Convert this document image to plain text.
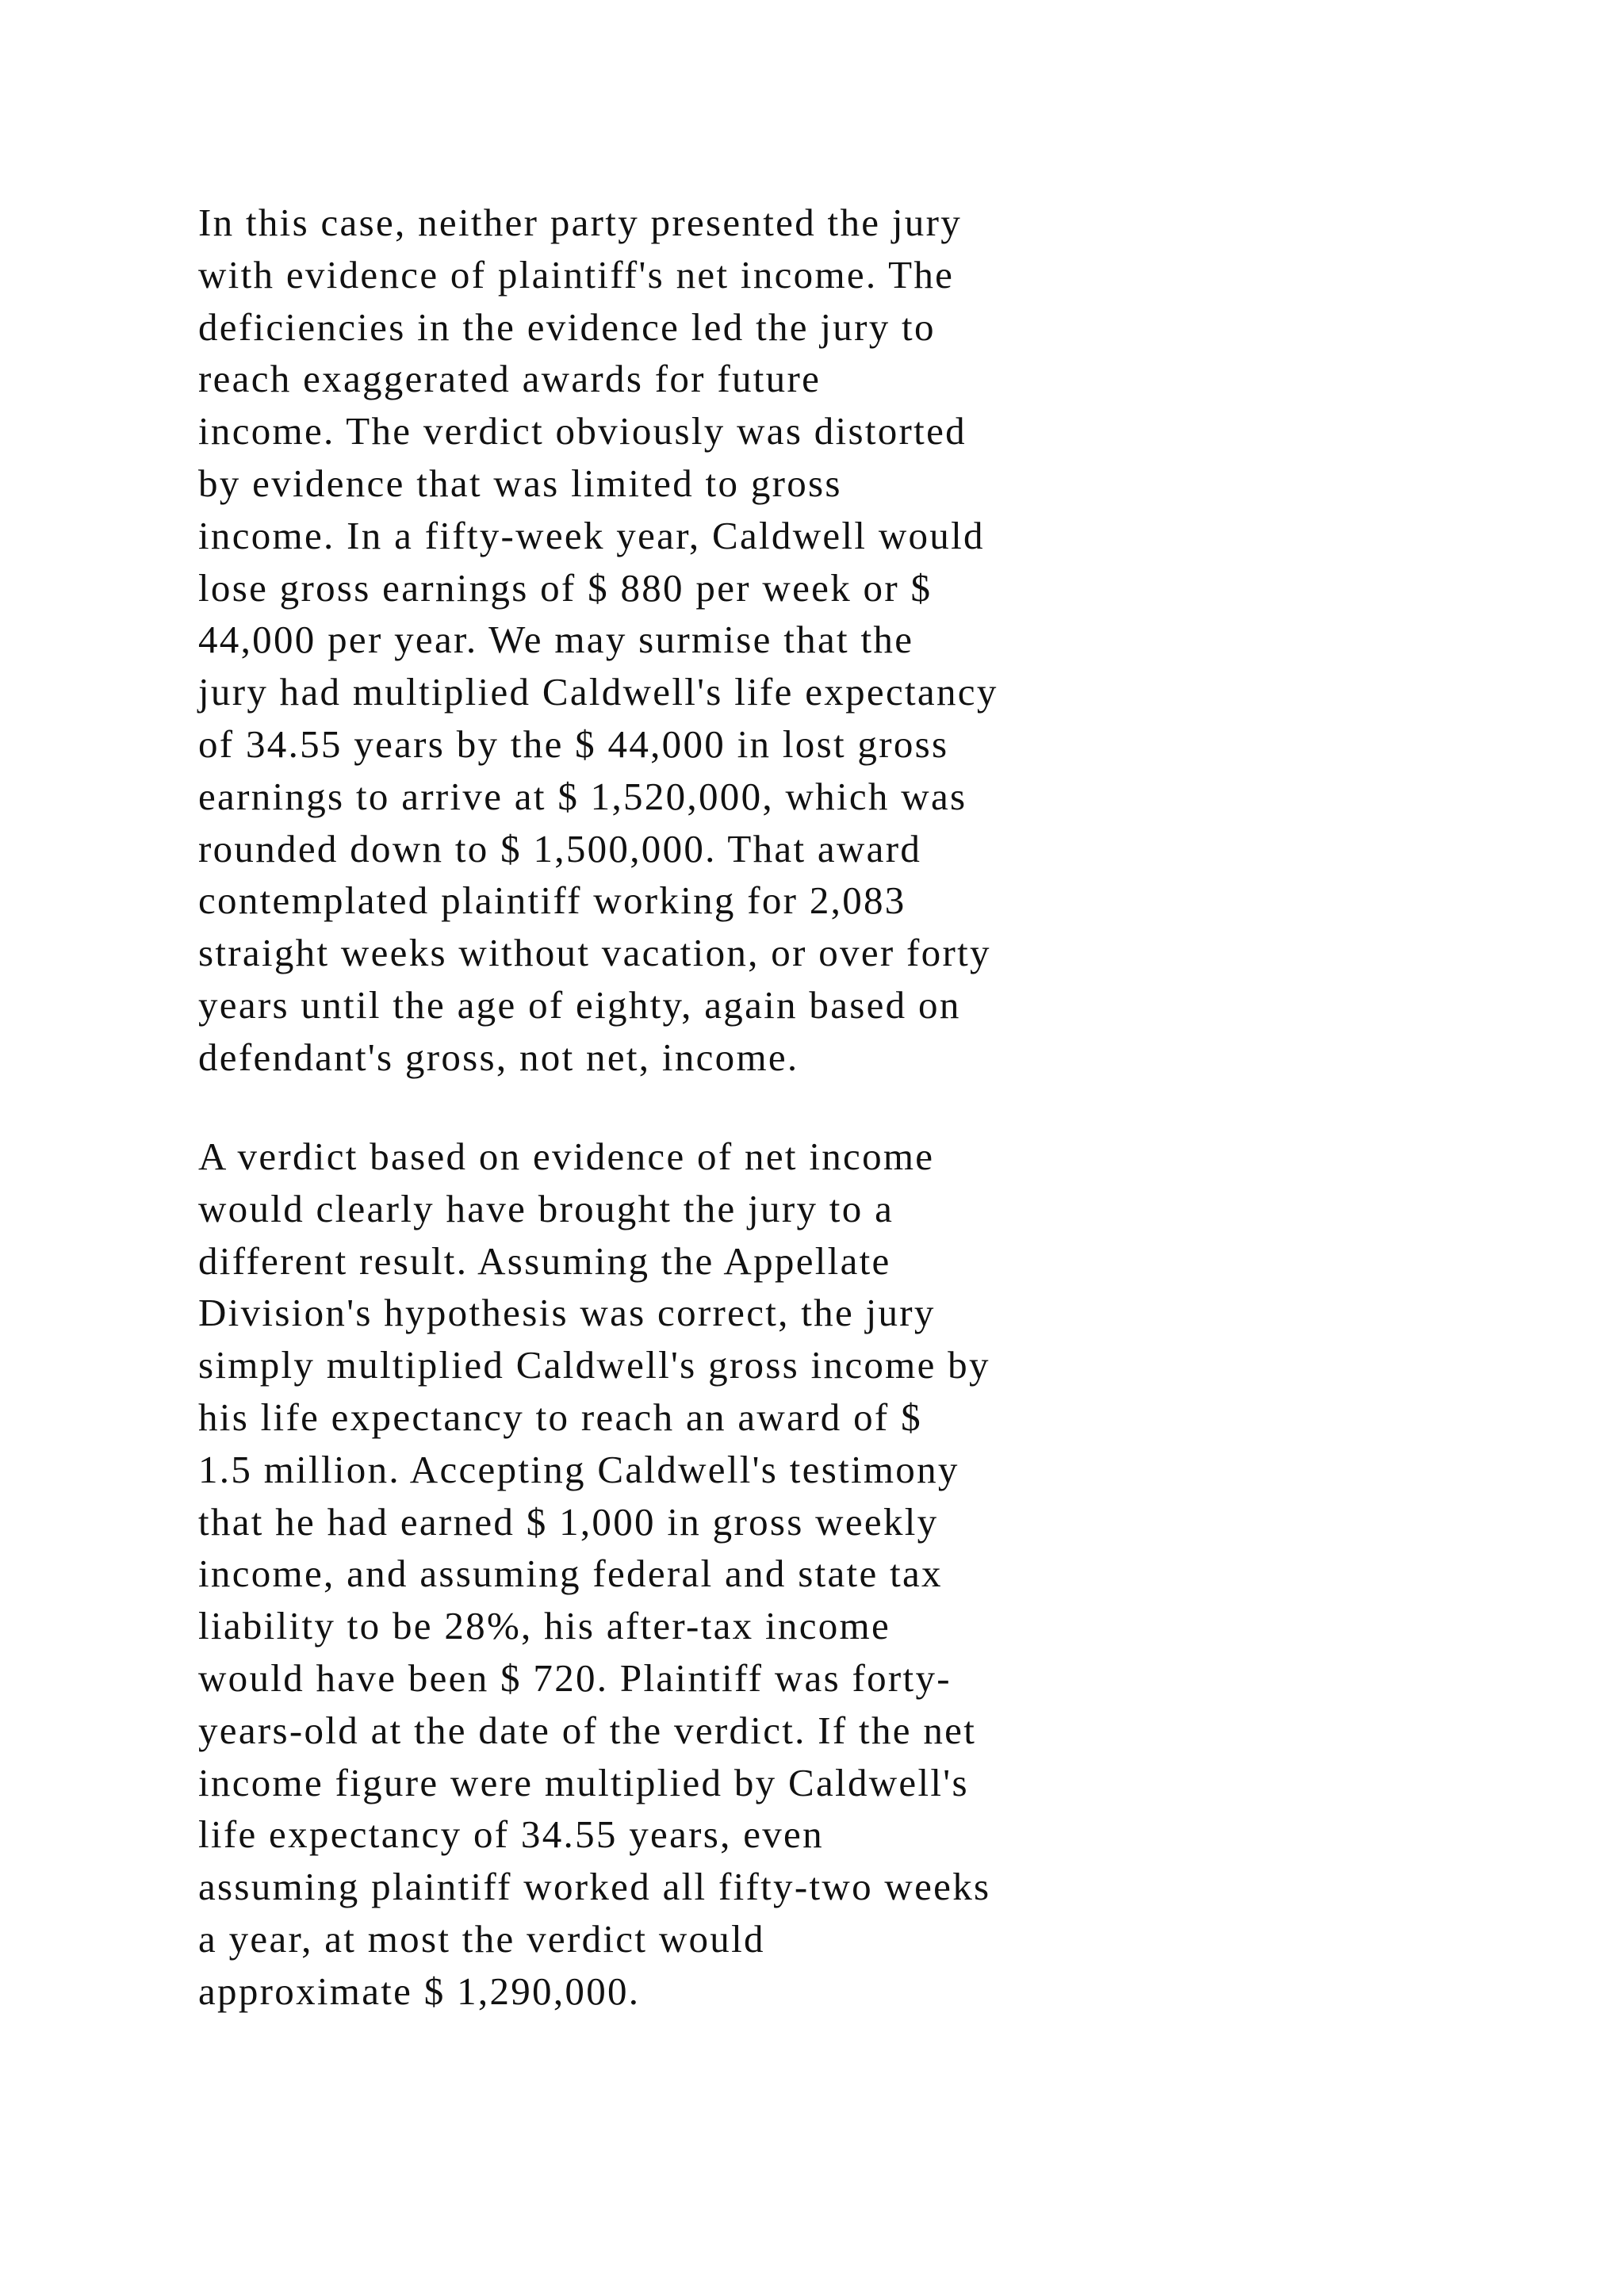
In this case, neither party presented the jury
with evidence of plaintiff's net income. The
deficiencies in the evidence led the jury to
reach exaggerated awards for future
income. The verdict obviously was distorted
by evidence that was limited to gross
income. In a fifty-week year, Caldwell would
lose gross earnings of $ 880 per week or $
44,000 per year. We may surmise that the
jury had multiplied Caldwell's life expectancy
of 34.55 years by the $ 44,000 in lost gross
earnings to arrive at $ 1,520,000, which was
rounded down to $ 1,500,000. That award
contemplated plaintiff working for 2,083
straight weeks without vacation, or over forty
years until the age of eighty, again based on
defendant's gross, not net, income.
A verdict based on evidence of net income
would clearly have brought the jury to a
different result. Assuming the Appellate
Division's hypothesis was correct, the jury
simply multiplied Caldwell's gross income by
his life expectancy to reach an award of $
1.5 million. Accepting Caldwell's testimony
that he had earned $ 1,000 in gross weekly
income, and assuming federal and state tax
liability to be 28%, his after-tax income
would have been $ 720. Plaintiff was forty-
years-old at the date of the verdict. If the net
income figure were multiplied by Caldwell's
life expectancy of 34.55 years, even
assuming plaintiff worked all fifty-two weeks
a year, at most the verdict would
approximate $ 1,290,000.
